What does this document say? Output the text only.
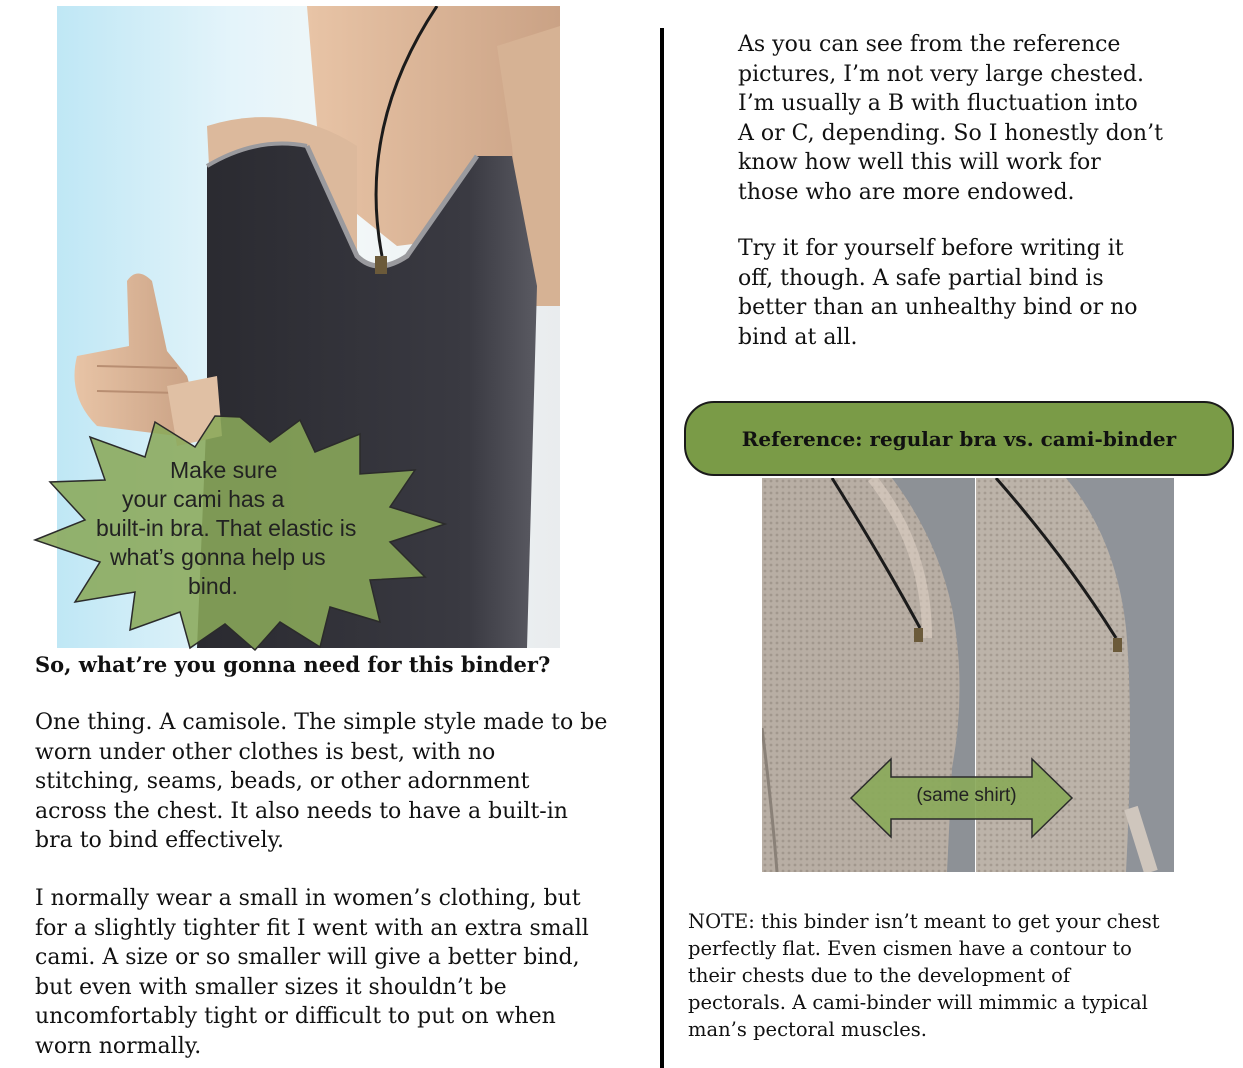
Make sure
your cami has a
built-in bra. That elastic is
what’s gonna help us
bind.
So, what’re you gonna need for this binder?
One thing. A camisole. The simple style made to be
worn under other clothes is best, with no
stitching, seams, beads, or other adornment
across the chest. It also needs to have a built-in
bra to bind effectively.
I normally wear a small in women’s clothing, but
for a slightly tighter fit I went with an extra small
cami. A size or so smaller will give a better bind,
but even with smaller sizes it shouldn’t be
uncomfortably tight or difficult to put on when
worn normally.
As you can see from the reference
pictures, I’m not very large chested.
I’m usually a B with fluctuation into
A or C, depending. So I honestly don’t
know how well this will work for
those who are more endowed.
Try it for yourself before writing it
off, though. A safe partial bind is
better than an unhealthy bind or no
bind at all.
Reference: regular bra vs. cami-binder
(same shirt)
NOTE: this binder isn’t meant to get your chest
perfectly flat. Even cismen have a contour to
their chests due to the development of
pectorals. A cami-binder will mimmic a typical
man’s pectoral muscles.
